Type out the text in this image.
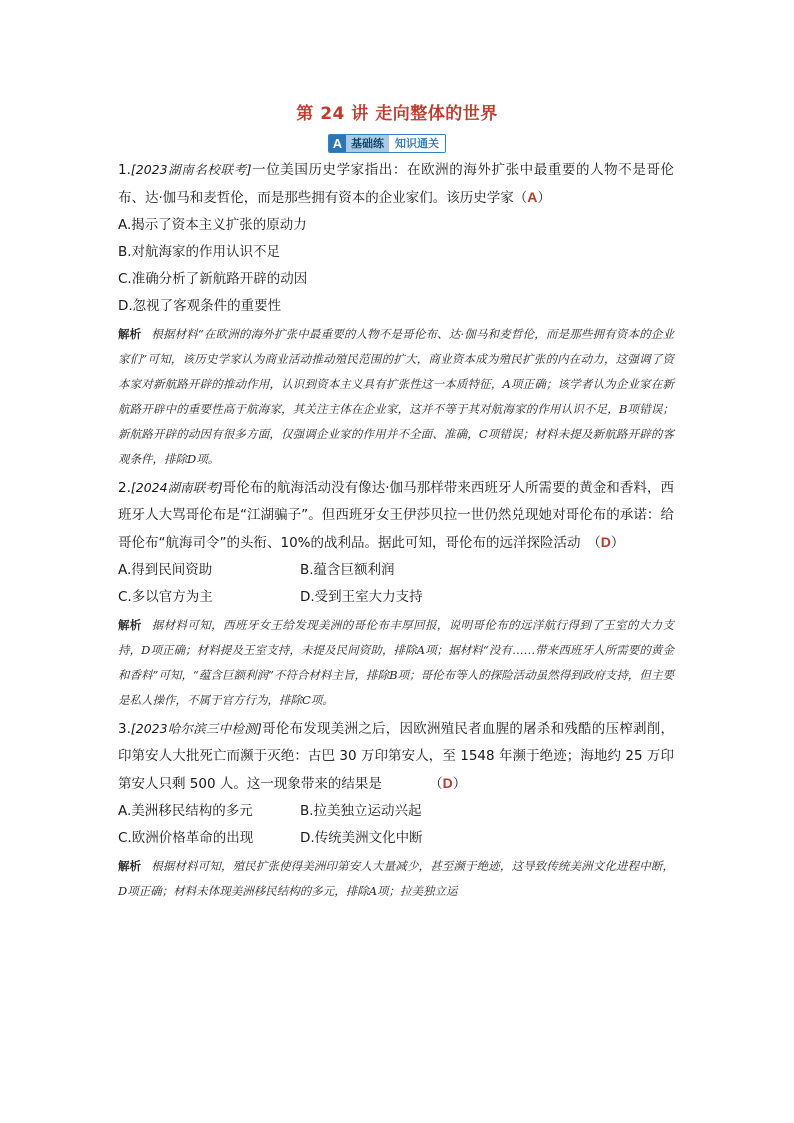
第 24 讲 走向整体的世界
A 基础练	知识通关

1.[2023湖南名校联考]一位美国历史学家指出：在欧洲的海外扩张中最重要的人物不是哥伦布、达·伽马和麦哲伦，而是那些拥有资本的企业家们。该历史学家（A）

A.揭示了资本主义扩张的原动力

B.对航海家的作用认识不足

C.准确分析了新航路开辟的动因

D.忽视了客观条件的重要性

解析 根据材料“在欧洲的海外扩张中最重要的人物不是哥伦布、达·伽马和麦哲伦，而是那些拥有资本的企业家们”可知，该历史学家认为商业活动推动殖民范围的扩大，商业资本成为殖民扩张的内在动力，这强调了资本家对新航路开辟的推动作用，认识到资本主义具有扩张性这一本质特征，A项正确；该学者认为企业家在新航路开辟中的重要性高于航海家，其关注主体在企业家，这并不等于其对航海家的作用认识不足，B项错误；新航路开辟的动因有很多方面，仅强调企业家的作用并不全面、准确，C项错误；材料未提及新航路开辟的客观条件，排除D项。

2.[2024湖南联考]哥伦布的航海活动没有像达·伽马那样带来西班牙人所需要的黄金和香料，西班牙人大骂哥伦布是“江湖骗子”。但西班牙女王伊莎贝拉一世仍然兑现她对哥伦布的承诺：给哥伦布“航海司令”的头衔、10%的战利品。据此可知，哥伦布的远洋探险活动　（D）

A.得到民间资助	B.蕴含巨额利润
C.多以官方为主	D.受到王室大力支持

解析 据材料可知，西班牙女王给发现美洲的哥伦布丰厚回报，说明哥伦布的远洋航行得到了王室的大力支持，D项正确；材料提及王室支持，未提及民间资助，排除A项；据材料“没有……带来西班牙人所需要的黄金和香料”可知，“蕴含巨额利润”不符合材料主旨，排除B项；哥伦布等人的探险活动虽然得到政府支持，但主要是私人操作，不属于官方行为，排除C项。

3.[2023哈尔滨三中检测]哥伦布发现美洲之后，因欧洲殖民者血腥的屠杀和残酷的压榨剥削，印第安人大批死亡而濒于灭绝：古巴 30 万印第安人，至 1548 年濒于绝迹；海地约 25 万印第安人只剩 500 人。这一现象带来的结果是　　　　（D）

A.美洲移民结构的多元	B.拉美独立运动兴起
C.欧洲价格革命的出现	D.传统美洲文化中断

解析 根据材料可知，殖民扩张使得美洲印第安人大量减少，甚至濒于绝迹，这导致传统美洲文化进程中断，D项正确；材料未体现美洲移民结构的多元，排除A项；拉美独立运
